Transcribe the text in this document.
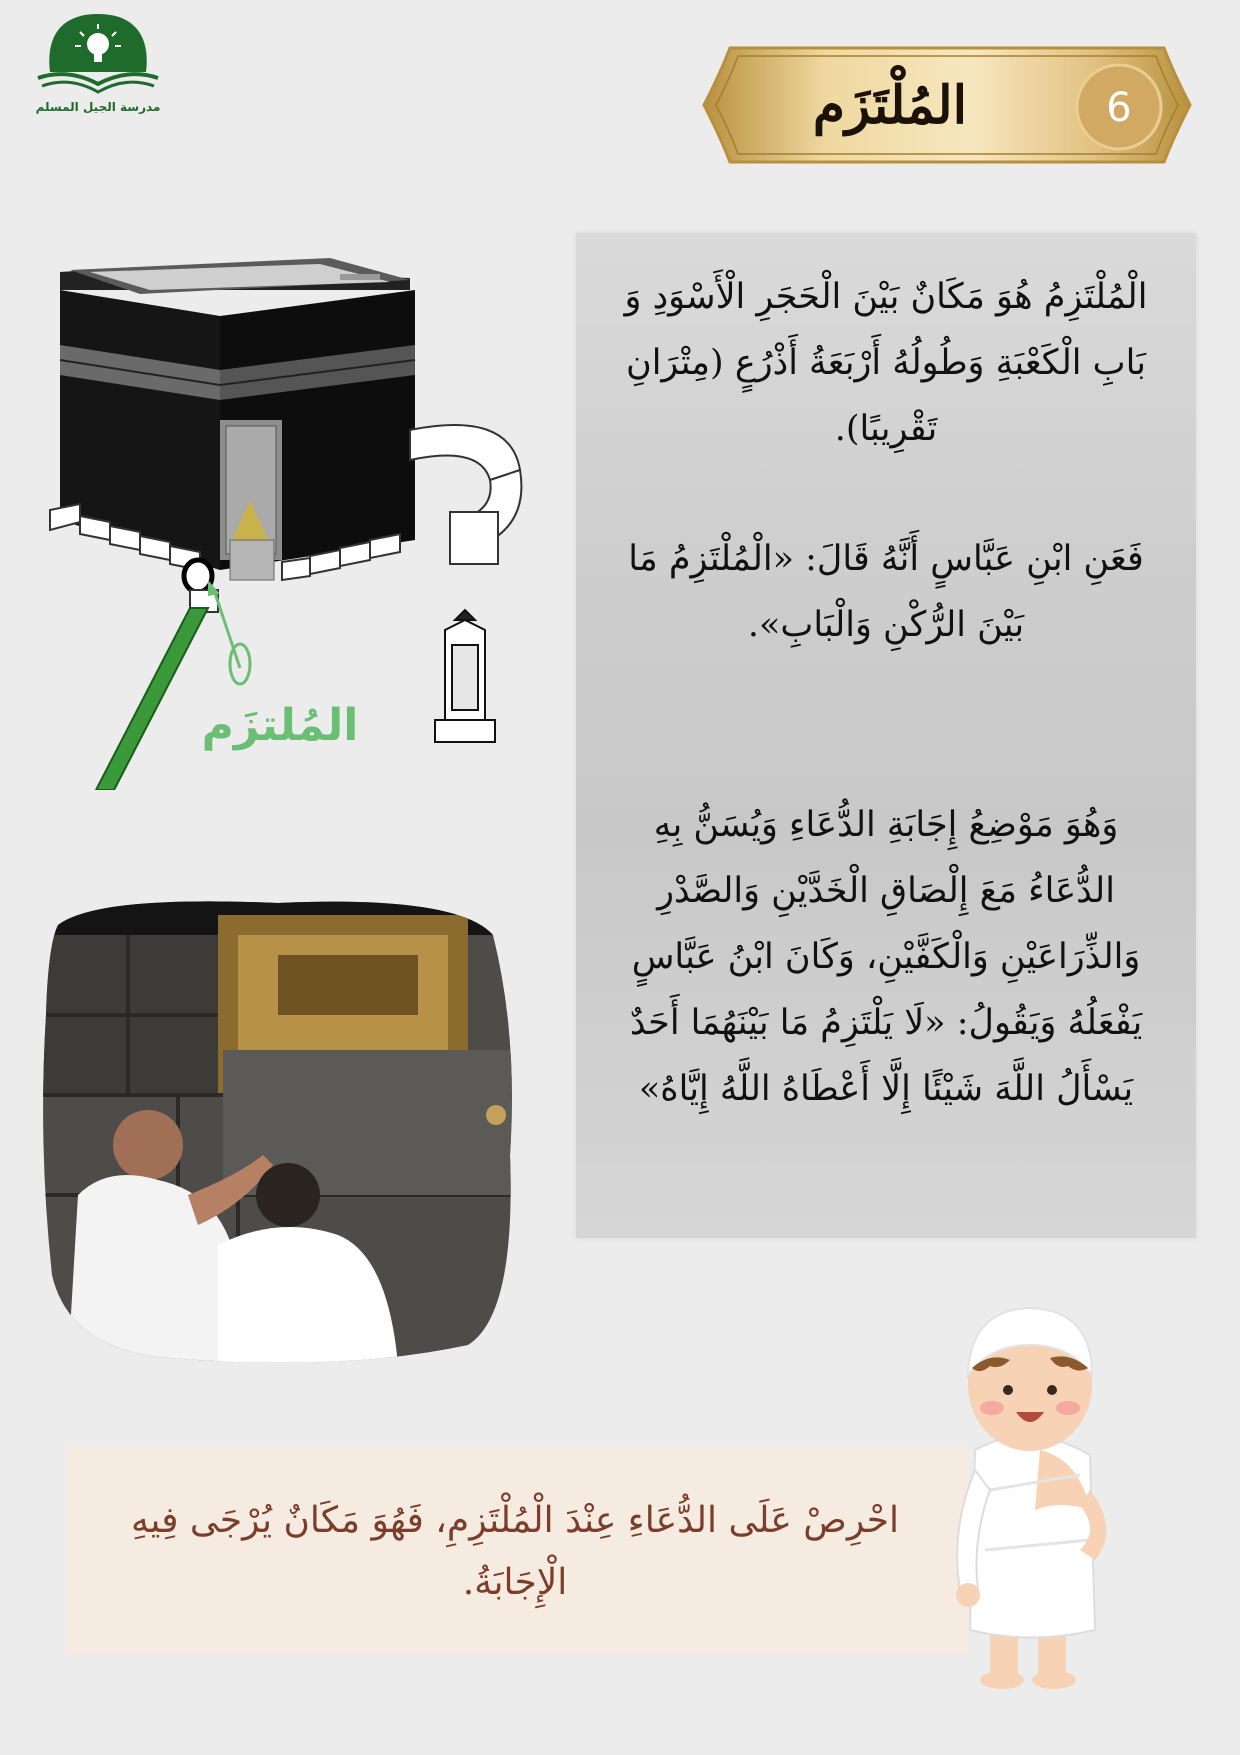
مدرسة الجيل المسلم	المُلْتَزَم	6
الْمُلْتَزِمُ هُوَ مَكَانٌ بَيْنَ الْحَجَرِ الْأَسْوَدِ وَ بَابِ الْكَعْبَةِ وَطُولُهُ أَرْبَعَةُ أَذْرُعٍ (مِتْرَانِ تَقْرِيبًا).
فَعَنِ ابْنِ عَبَّاسٍ أَنَّهُ قَالَ: «الْمُلْتَزِمُ مَا بَيْنَ الرُّكْنِ وَالْبَابِ».
وَهُوَ مَوْضِعُ إِجَابَةِ الدُّعَاءِ وَيُسَنُّ بِهِ الدُّعَاءُ مَعَ إِلْصَاقِ الْخَدَّيْنِ وَالصَّدْرِ وَالذِّرَاعَيْنِ وَالْكَفَّيْنِ، وَكَانَ ابْنُ عَبَّاسٍ يَفْعَلُهُ وَيَقُولُ: «لَا يَلْتَزِمُ مَا بَيْنَهُمَا أَحَدٌ يَسْأَلُ اللَّهَ شَيْئًا إِلَّا أَعْطَاهُ اللَّهُ إِيَّاهُ»
المُلتزَم
احْرِصْ عَلَى الدُّعَاءِ عِنْدَ الْمُلْتَزِمِ، فَهُوَ مَكَانٌ يُرْجَى فِيهِ الْإِجَابَةُ.
